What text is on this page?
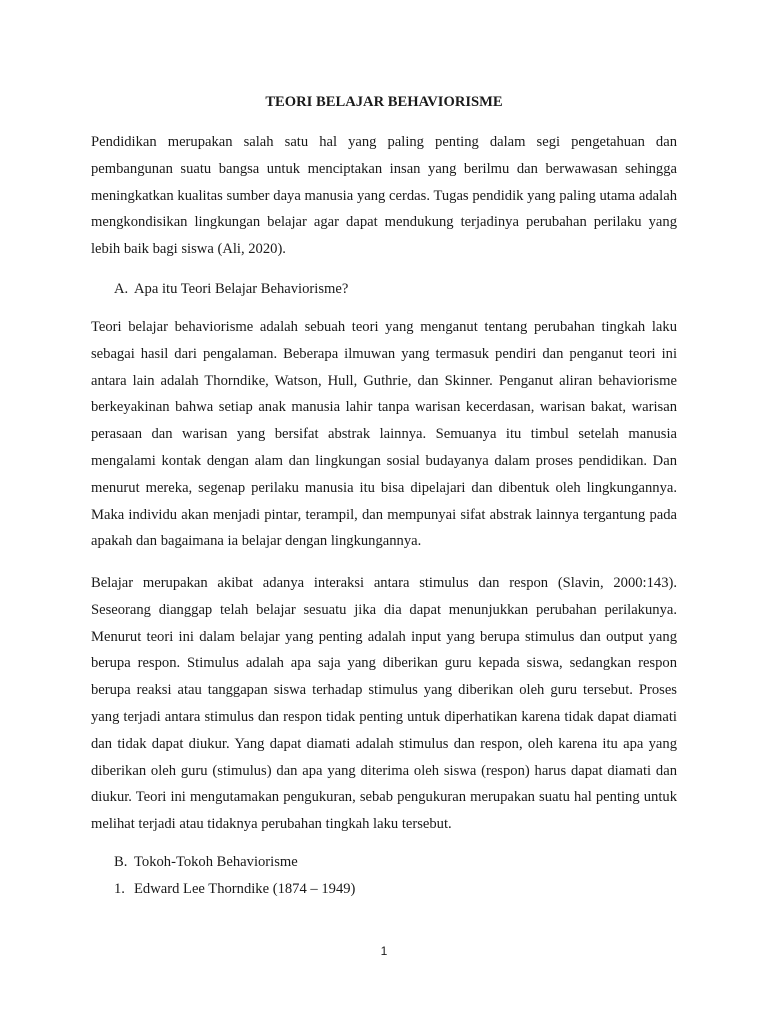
TEORI BELAJAR BEHAVIORISME

Pendidikan merupakan salah satu hal yang paling penting dalam segi pengetahuan dan pembangunan suatu bangsa untuk menciptakan insan yang berilmu dan berwawasan sehingga meningkatkan kualitas sumber daya manusia yang cerdas. Tugas pendidik yang paling utama adalah mengkondisikan lingkungan belajar agar dapat mendukung terjadinya perubahan perilaku yang lebih baik bagi siswa (Ali, 2020).

A. Apa itu Teori Belajar Behaviorisme?

Teori belajar behaviorisme adalah sebuah teori yang menganut tentang perubahan tingkah laku sebagai hasil dari pengalaman. Beberapa ilmuwan yang termasuk pendiri dan penganut teori ini antara lain adalah Thorndike, Watson, Hull, Guthrie, dan Skinner. Penganut aliran behaviorisme berkeyakinan bahwa setiap anak manusia lahir tanpa warisan kecerdasan, warisan bakat, warisan perasaan dan warisan yang bersifat abstrak lainnya. Semuanya itu timbul setelah manusia mengalami kontak dengan alam dan lingkungan sosial budayanya dalam proses pendidikan. Dan menurut mereka, segenap perilaku manusia itu bisa dipelajari dan dibentuk oleh lingkungannya. Maka individu akan menjadi pintar, terampil, dan mempunyai sifat abstrak lainnya tergantung pada apakah dan bagaimana ia belajar dengan lingkungannya.

Belajar merupakan akibat adanya interaksi antara stimulus dan respon (Slavin, 2000:143). Seseorang dianggap telah belajar sesuatu jika dia dapat menunjukkan perubahan perilakunya. Menurut teori ini dalam belajar yang penting adalah input yang berupa stimulus dan output yang berupa respon. Stimulus adalah apa saja yang diberikan guru kepada siswa, sedangkan respon berupa reaksi atau tanggapan siswa terhadap stimulus yang diberikan oleh guru tersebut. Proses yang terjadi antara stimulus dan respon tidak penting untuk diperhatikan karena tidak dapat diamati dan tidak dapat diukur. Yang dapat diamati adalah stimulus dan respon, oleh karena itu apa yang diberikan oleh guru (stimulus) dan apa yang diterima oleh siswa (respon) harus dapat diamati dan diukur. Teori ini mengutamakan pengukuran, sebab pengukuran merupakan suatu hal penting untuk melihat terjadi atau tidaknya perubahan tingkah laku tersebut.

B. Tokoh-Tokoh Behaviorisme
1. Edward Lee Thorndike (1874 – 1949)
1
